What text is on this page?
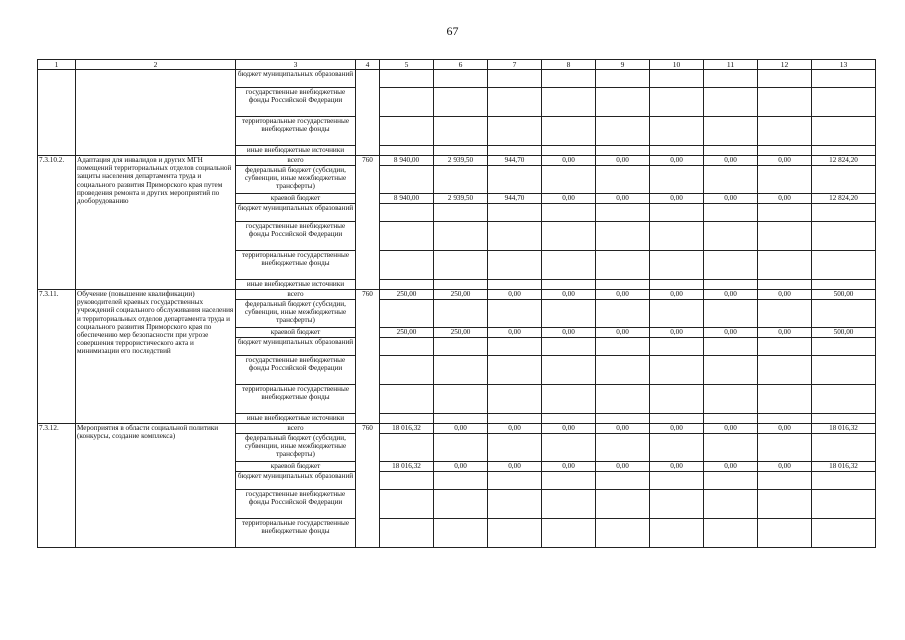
67
1	2	3	4	5	6	7	8	9	10	11	12	13
		бюджет муниципальных образований										
		государственные внебюджетные фонды Российской Федерации										
		территориальные государственные внебюджетные фонды										
		иные внебюджетные источники										
7.3.10.2.	Адаптация для инвалидов и других МГН помещений территориальных отделов социальной защиты населения департамента труда и социального развития Приморского края путем проведения ремонта и других мероприятий по дооборудованию	всего	760	8 940,00	2 939,50	944,70	0,00	0,00	0,00	0,00	0,00	12 824,20
		федеральный бюджет (субсидии, субвенции, иные межбюджетные трансферты)										
		краевой бюджет		8 940,00	2 939,50	944,70	0,00	0,00	0,00	0,00	0,00	12 824,20
		бюджет муниципальных образований										
		государственные внебюджетные фонды Российской Федерации										
		территориальные государственные внебюджетные фонды										
		иные внебюджетные источники										
7.3.11.	Обучение (повышение квалификации) руководителей краевых государственных учреждений социального обслуживания населения и территориальных отделов департамента труда и социального развития Приморского края по обеспечению мер безопасности при угрозе совершения террористического акта и минимизации его последствий	всего	760	250,00	250,00	0,00	0,00	0,00	0,00	0,00	0,00	500,00
		федеральный бюджет (субсидии, субвенции, иные межбюджетные трансферты)										
		краевой бюджет		250,00	250,00	0,00	0,00	0,00	0,00	0,00	0,00	500,00
		бюджет муниципальных образований										
		государственные внебюджетные фонды Российской Федерации										
		территориальные государственные внебюджетные фонды										
		иные внебюджетные источники										
7.3.12.	Мероприятия в области социальной политики (конкурсы, создание комплекса)	всего	760	18 016,32	0,00	0,00	0,00	0,00	0,00	0,00	0,00	18 016,32
		федеральный бюджет (субсидии, субвенции, иные межбюджетные трансферты)										
		краевой бюджет		18 016,32	0,00	0,00	0,00	0,00	0,00	0,00	0,00	18 016,32
		бюджет муниципальных образований										
		государственные внебюджетные фонды Российской Федерации										
		территориальные государственные внебюджетные фонды										
